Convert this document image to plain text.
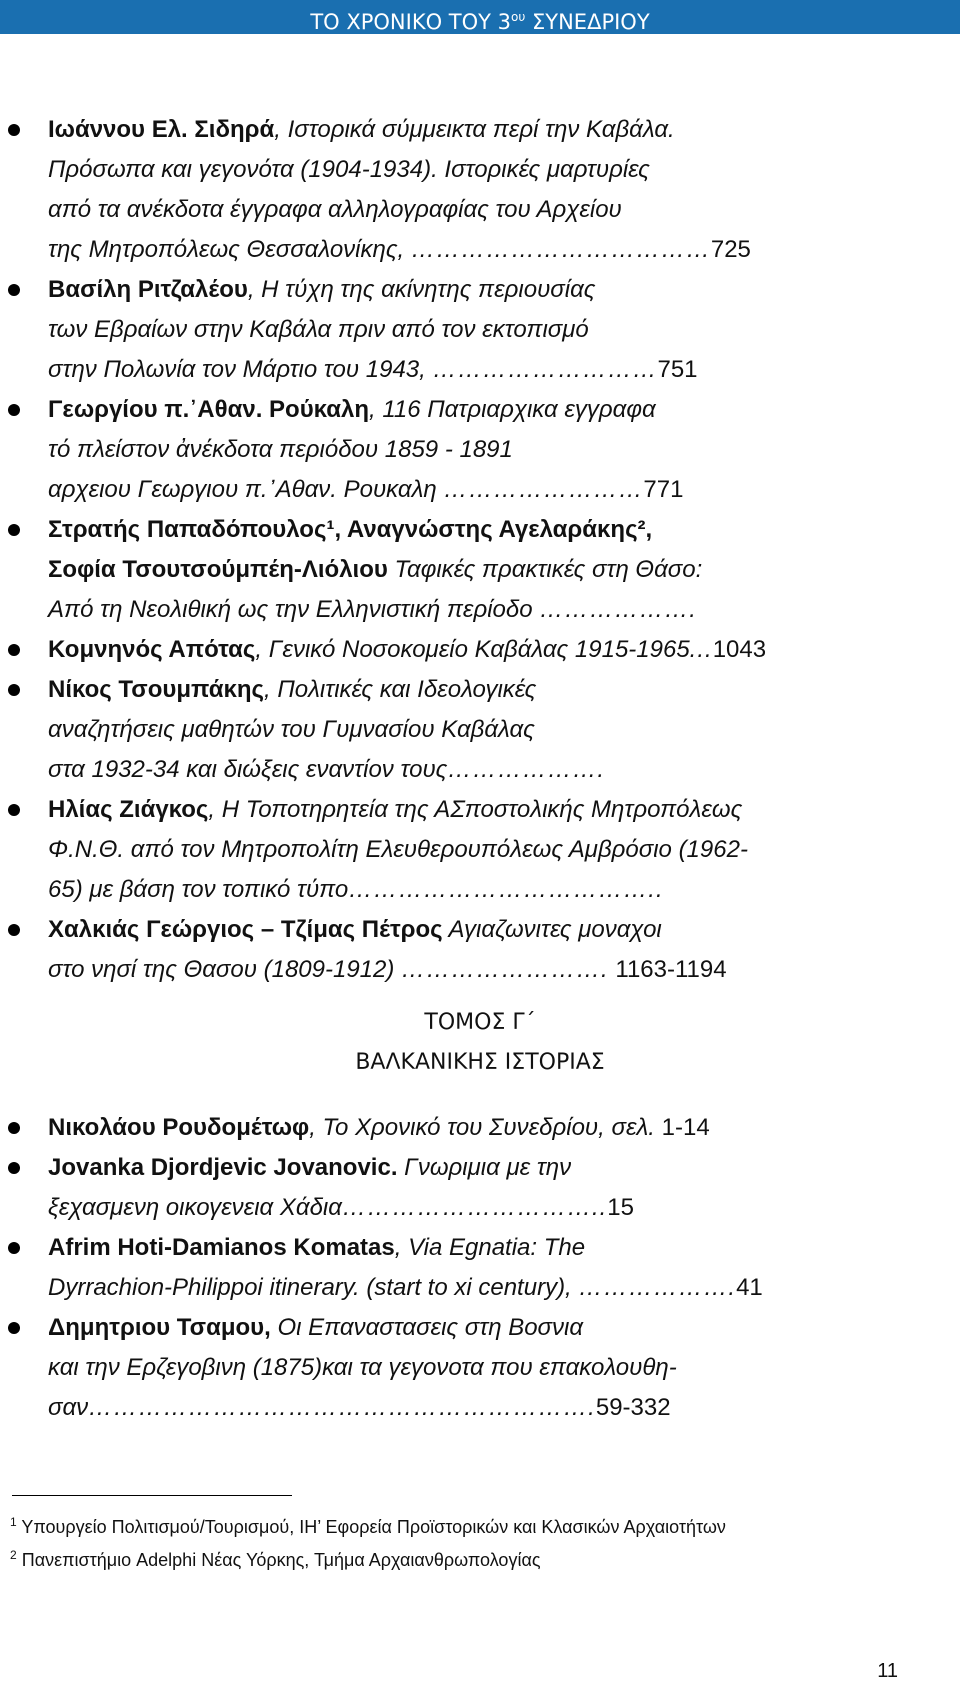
ΤΟ ΧΡΟΝΙΚΟ ΤΟΥ $3^{o\upsilon}$ ΣΥΝΕΔΡΙΟΥ
Ιωάννου Ελ. Σιδηρά, Ιστορικά σύμμεικτα περί την Καβάλα.
Πρόσωπα και γεγονότα (1904-1934). Ιστορικές μαρτυρίες
από τα ανέκδοτα έγγραφα αλληλογραφίας του Αρχείου
της Μητροπόλεως Θεσσαλονίκης, ………………………………725
Βασίλη Ριτζαλέου, Η τύχη της ακίνητης περιουσίας
των Εβραίων στην Καβάλα πριν από τον εκτοπισμό
στην Πολωνία τον Μάρτιο του 1943, ………………………751
Γεωργίου π.᾽Αθαν. Ρούκαλη, 116 Πατριαρχικα εγγραφα
τό πλείστον ἀνέκδοτα περιόδου 1859 - 1891
αρχειου Γεωργιου π.᾽Αθαν. Ρουκαλη ……………………771
Στρατής Παπαδόπουλος¹, Αναγνώστης Αγελαράκης²,
Σοφία Τσουτσούμπέη-Λιόλιου Ταφικές πρακτικές στη Θάσο:
Από τη Νεολιθική ως την Ελληνιστική περίοδο ……………….
Κομνηνός Απότας, Γενικό Νοσοκομείο Καβάλας 1915-1965...1043
Νίκος Τσουμπάκης, Πολιτικές και Ιδεολογικές
αναζητήσεις μαθητών του Γυμνασίου Καβάλας
στα 1932-34 και διώξεις εναντίον τους……………….
Ηλίας Ζιάγκος, Η Τοποτηρητεία της ΑΣποστολικής Μητροπόλεως
Φ.Ν.Θ. από τον Μητροπολίτη Ελευθερουπόλεως Αμβρόσιο (1962-
65) με βάση τον τοπικό τύπο………………………………..
Χαλκιάς Γεώργιος – Τζίμας Πέτρος Αγιαζωνιτες μοναχοι
στο νησί της Θασου (1809-1912) ……………………. 1163-1194
ΤΟΜΟΣ Γ΄
ΒΑΛΚΑΝΙΚΗΣ ΙΣΤΟΡΙΑΣ
Νικολάου Ρουδομέτωφ, Το Χρονικό του Συνεδρίου, σελ. 1-14
Jovanka Djordjevic Jovanovic. Γνωριμια με την
ξεχασμενη οικογενεια Χάδια…………………………..15
Afrim Hoti-Damianos Komatas, Via Egnatia: The
Dyrrachion-Philippoi itinerary. (start to xi century), ……………….41
Δημητριου Τσαμου, Οι Επαναστασεις στη Βοσνια
και την Ερζεγοβινη (1875)και τα γεγονοτα που επακολουθη-
σαν…………………………………………………….59-332
$^1$ Υπουργείο Πολιτισμού/Τουρισμού, ΙΗ’ Εφορεία Προϊστορικών και Κλασικών Αρχαιοτήτων
$^2$ Πανεπιστήμιο Adelphi Νέας Υόρκης, Τμήμα Αρχαιανθρωπολογίας
11
